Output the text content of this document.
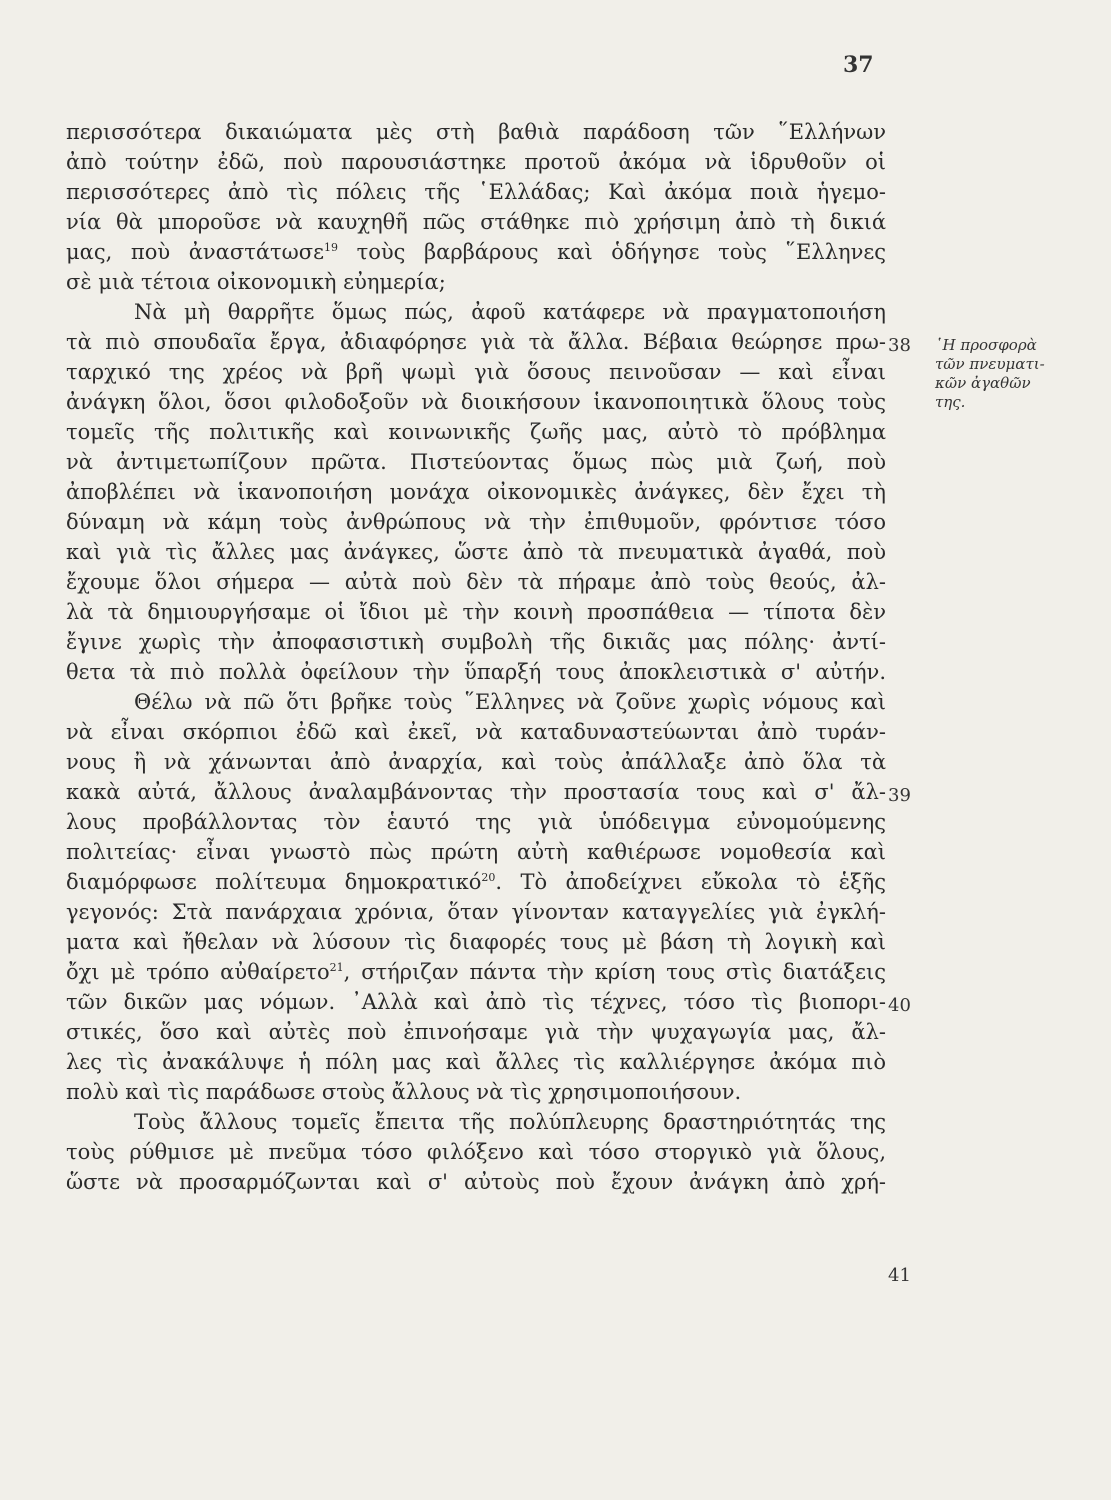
37
περισσότερα δικαιώματα μὲς στὴ βαθιὰ παράδοση τῶν ῞Ελλήνων
ἀπὸ τούτην ἐδῶ, ποὺ παρουσιάστηκε προτοῦ ἀκόμα νὰ ἱδρυθοῦν οἱ
περισσότερες ἀπὸ τὶς πόλεις τῆς ῾Ελλάδας; Καὶ ἀκόμα ποιὰ ἡγεμο-
νία θὰ μποροῦσε νὰ καυχηθῆ πῶς στάθηκε πιὸ χρήσιμη ἀπὸ τὴ δικιά
μας, ποὺ ἀναστάτωσε$^{19}$ τοὺς βαρβάρους καὶ ὁδήγησε τοὺς ῞Ελληνες
σὲ μιὰ τέτοια οἰκονομικὴ εὐημερία;
Νὰ μὴ θαρρῆτε ὅμως πώς, ἀφοῦ κατάφερε νὰ πραγματοποιήση
τὰ πιὸ σπουδαῖα ἔργα, ἀδιαφόρησε γιὰ τὰ ἄλλα. Βέβαια θεώρησε πρω-
ταρχικό της χρέος νὰ βρῆ ψωμὶ γιὰ ὅσους πεινοῦσαν — καὶ εἶναι
ἀνάγκη ὅλοι, ὅσοι φιλοδοξοῦν νὰ διοικήσουν ἱκανοποιητικὰ ὅλους τοὺς
τομεῖς τῆς πολιτικῆς καὶ κοινωνικῆς ζωῆς μας, αὐτὸ τὸ πρόβλημα
νὰ ἀντιμετωπίζουν πρῶτα. Πιστεύοντας ὅμως πὼς μιὰ ζωή, ποὺ
ἀποβλέπει νὰ ἱκανοποιήση μονάχα οἰκονομικὲς ἀνάγκες, δὲν ἔχει τὴ
δύναμη νὰ κάμη τοὺς ἀνθρώπους νὰ τὴν ἐπιθυμοῦν, φρόντισε τόσο
καὶ γιὰ τὶς ἄλλες μας ἀνάγκες, ὥστε ἀπὸ τὰ πνευματικὰ ἀγαθά, ποὺ
ἔχουμε ὅλοι σήμερα — αὐτὰ ποὺ δὲν τὰ πήραμε ἀπὸ τοὺς θεούς, ἀλ-
λὰ τὰ δημιουργήσαμε οἱ ἴδιοι μὲ τὴν κοινὴ προσπάθεια — τίποτα δὲν
ἔγινε χωρὶς τὴν ἀποφασιστικὴ συμβολὴ τῆς δικιᾶς μας πόλης· ἀντί-
θετα τὰ πιὸ πολλὰ ὀφείλουν τὴν ὕπαρξή τους ἀποκλειστικὰ σ' αὐτήν.
Θέλω νὰ πῶ ὅτι βρῆκε τοὺς ῞Ελληνες νὰ ζοῦνε χωρὶς νόμους καὶ
νὰ εἶναι σκόρπιοι ἐδῶ καὶ ἐκεῖ, νὰ καταδυναστεύωνται ἀπὸ τυράν-
νους ἢ νὰ χάνωνται ἀπὸ ἀναρχία, καὶ τοὺς ἀπάλλαξε ἀπὸ ὅλα τὰ
κακὰ αὐτά, ἄλλους ἀναλαμβάνοντας τὴν προστασία τους καὶ σ' ἄλ-
λους προβάλλοντας τὸν ἑαυτό της γιὰ ὑπόδειγμα εὐνομούμενης
πολιτείας· εἶναι γνωστὸ πὼς πρώτη αὐτὴ καθιέρωσε νομοθεσία καὶ
διαμόρφωσε πολίτευμα δημοκρατικό$^{20}$. Τὸ ἀποδείχνει εὔκολα τὸ ἑξῆς
γεγονός: Στὰ πανάρχαια χρόνια, ὅταν γίνονταν καταγγελίες γιὰ ἐγκλή-
ματα καὶ ἤθελαν νὰ λύσουν τὶς διαφορές τους μὲ βάση τὴ λογικὴ καὶ
ὄχι μὲ τρόπο αὐθαίρετο$^{21}$, στήριζαν πάντα τὴν κρίση τους στὶς διατάξεις
τῶν δικῶν μας νόμων. ᾿Αλλὰ καὶ ἀπὸ τὶς τέχνες, τόσο τὶς βιοπορι-
στικές, ὅσο καὶ αὐτὲς ποὺ ἐπινοήσαμε γιὰ τὴν ψυχαγωγία μας, ἄλ-
λες τὶς ἀνακάλυψε ἡ πόλη μας καὶ ἄλλες τὶς καλλιέργησε ἀκόμα πιὸ
πολὺ καὶ τὶς παράδωσε στοὺς ἄλλους νὰ τὶς χρησιμοποιήσουν.
Τοὺς ἄλλους τομεῖς ἔπειτα τῆς πολύπλευρης δραστηριότητάς της
τοὺς ρύθμισε μὲ πνεῦμα τόσο φιλόξενο καὶ τόσο στοργικὸ γιὰ ὅλους,
ὥστε νὰ προσαρμόζωνται καὶ σ' αὐτοὺς ποὺ ἔχουν ἀνάγκη ἀπὸ χρή-
38
39
40
41
῾Η προσφορὰ
τῶν πνευματι-
κῶν ἀγαθῶν
της.
